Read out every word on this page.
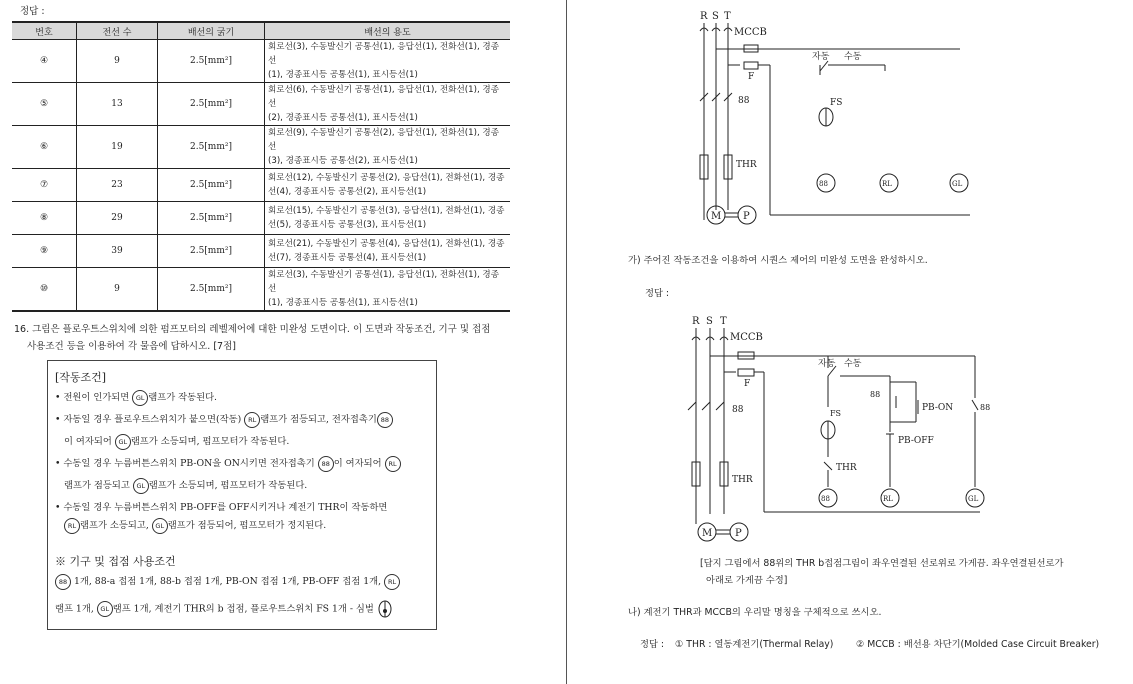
정답 :
번호	전선 수	배선의 굵기	배선의 용도
④	9	2.5[mm²]	회로선(3), 수동발신기 공통선(1), 응답선(1), 전화선(1), 경종선
(1), 경종표시등 공통선(1), 표시등선(1)

⑤	13	2.5[mm²]	회로선(6), 수동발신기 공통선(1), 응답선(1), 전화선(1), 경종선
(2), 경종표시등 공통선(1), 표시등선(1)

⑥	19	2.5[mm²]	회로선(9), 수동발신기 공통선(2), 응답선(1), 전화선(1), 경종선
(3), 경종표시등 공통선(2), 표시등선(1)

⑦	23	2.5[mm²]	회로선(12), 수동발신기 공통선(2), 응답선(1), 전화선(1), 경종
선(4), 경종표시등 공통선(2), 표시등선(1)

⑧	29	2.5[mm²]	회로선(15), 수동발신기 공통선(3), 응답선(1), 전화선(1), 경종
선(5), 경종표시등 공통선(3), 표시등선(1)

⑨	39	2.5[mm²]	회로선(21), 수동발신기 공통선(4), 응답선(1), 전화선(1), 경종
선(7), 경종표시등 공통선(4), 표시등선(1)

⑩	9	2.5[mm²]	회로선(3), 수동발신기 공통선(1), 응답선(1), 전화선(1), 경종선
(1), 경종표시등 공통선(1), 표시등선(1)
16. 그림은 플로우트스위치에 의한 펌프모터의 레벨제어에 대한 미완성 도면이다. 이 도면과 작동조건, 기구 및 접점
사용조건 등을 이용하여 각 물음에 답하시오. [7점]
[작동조건]
• 전원이 인가되면 GL 램프가 작동된다.
• 자동일 경우 플로우트스위치가 붙으면(작동) RL 램프가 점등되고, 전자접촉기 88
이 여자되어 GL 램프가 소등되며, 펌프모터가 작동된다.
• 수동일 경우 누름버튼스위치 PB-ON을 ON시키면 전자접촉기 88 이 여자되어 RL
램프가 점등되고 GL 램프가 소등되며, 펌프모터가 작동된다.
• 수동일 경우 누름버튼스위치 PB-OFF를 OFF시키거나 계전기 THR이 작동하면
RL 램프가 소등되고, GL 램프가 점등되어, 펌프모터가 정지된다.
※ 기구 및 접점 사용조건
88 1개, 88-a 접점 1개, 88-b 접점 1개, PB-ON 접점 1개, PB-OFF 접점 1개, RL
램프 1개, GL 램프 1개, 계전기 THR의 b 접점, 플로우트스위치 FS 1개 - 심벌
R S T
MCCB
F
자동 수동
88	FS
THR
88	RL	GL
M P
가) 주어진 작동조건을 이용하여 시퀀스 제어의 미완성 도면을 완성하시오.
정답 :
R S T
MCCB
F
자동 수동
88
PB-ON	88
PB-OFF
88	FS
THR
THR
88	RL	GL
M P
[답지 그림에서 88위의 THR b접점그림이 좌우연결된 선로위로 가게끔. 좌우연결된선로가
아래로 가게끔 수정]
나) 계전기 THR과 MCCB의 우리말 명칭을 구체적으로 쓰시오.
정답 : ① THR : 열동계전기(Thermal Relay) ② MCCB : 배선용 차단기(Molded Case Circuit Breaker)
